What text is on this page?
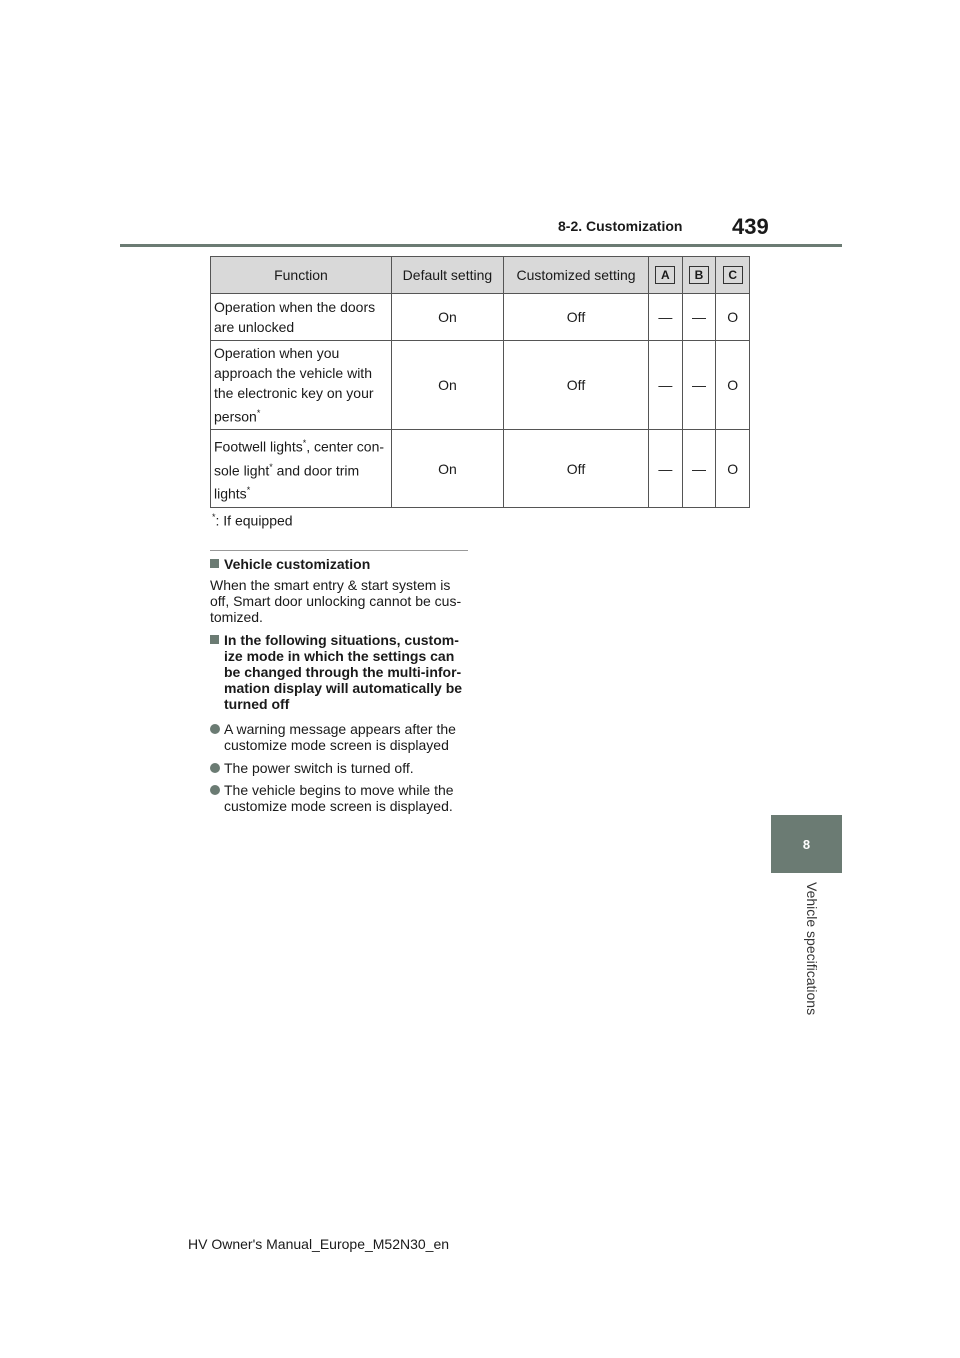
8-2. Customization 439
Function	Default setting	Customized setting	A	B	C
Operation when the doors are unlocked	On	Off	—	—	O
Operation when you approach the vehicle with the electronic key on your person*	On	Off	—	—	O
Footwell lights*, center con-sole light* and door trim lights*	On	Off	—	—	O
*: If equipped
Vehicle customization
When the smart entry & start system is off, Smart door unlocking cannot be cus-tomized.
In the following situations, custom-ize mode in which the settings can be changed through the multi-infor-mation display will automatically be turned off
A warning message appears after the customize mode screen is displayed
The power switch is turned off.
The vehicle begins to move while the customize mode screen is displayed.
8
Vehicle specifications
HV Owner's Manual_Europe_M52N30_en
